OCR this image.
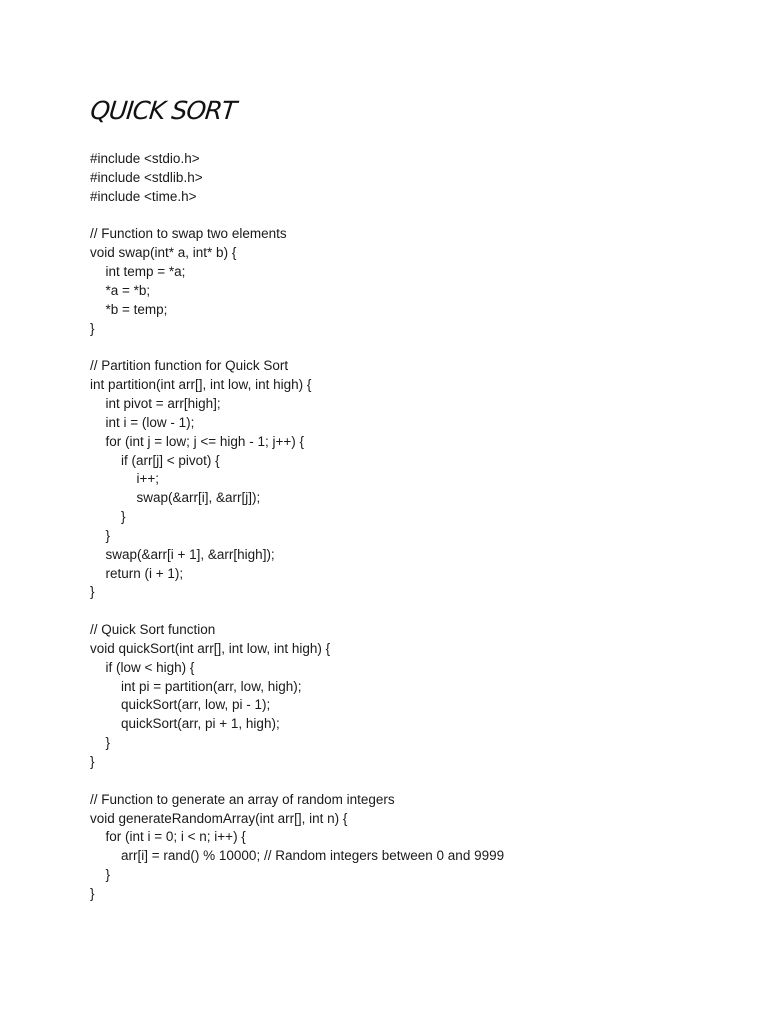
QUICK SORT
#include <stdio.h>
#include <stdlib.h>
#include <time.h>
// Function to swap two elements
void swap(int* a, int* b) {
int temp = *a;
*a = *b;
*b = temp;
}
// Partition function for Quick Sort
int partition(int arr[], int low, int high) {
int pivot = arr[high];
int i = (low - 1);
for (int j = low; j <= high - 1; j++) {
if (arr[j] < pivot) {
i++;
swap(&arr[i], &arr[j]);
}
}
swap(&arr[i + 1], &arr[high]);
return (i + 1);
}
// Quick Sort function
void quickSort(int arr[], int low, int high) {
if (low < high) {
int pi = partition(arr, low, high);
quickSort(arr, low, pi - 1);
quickSort(arr, pi + 1, high);
}
}
// Function to generate an array of random integers
void generateRandomArray(int arr[], int n) {
for (int i = 0; i < n; i++) {
arr[i] = rand() % 10000; // Random integers between 0 and 9999
}
}
